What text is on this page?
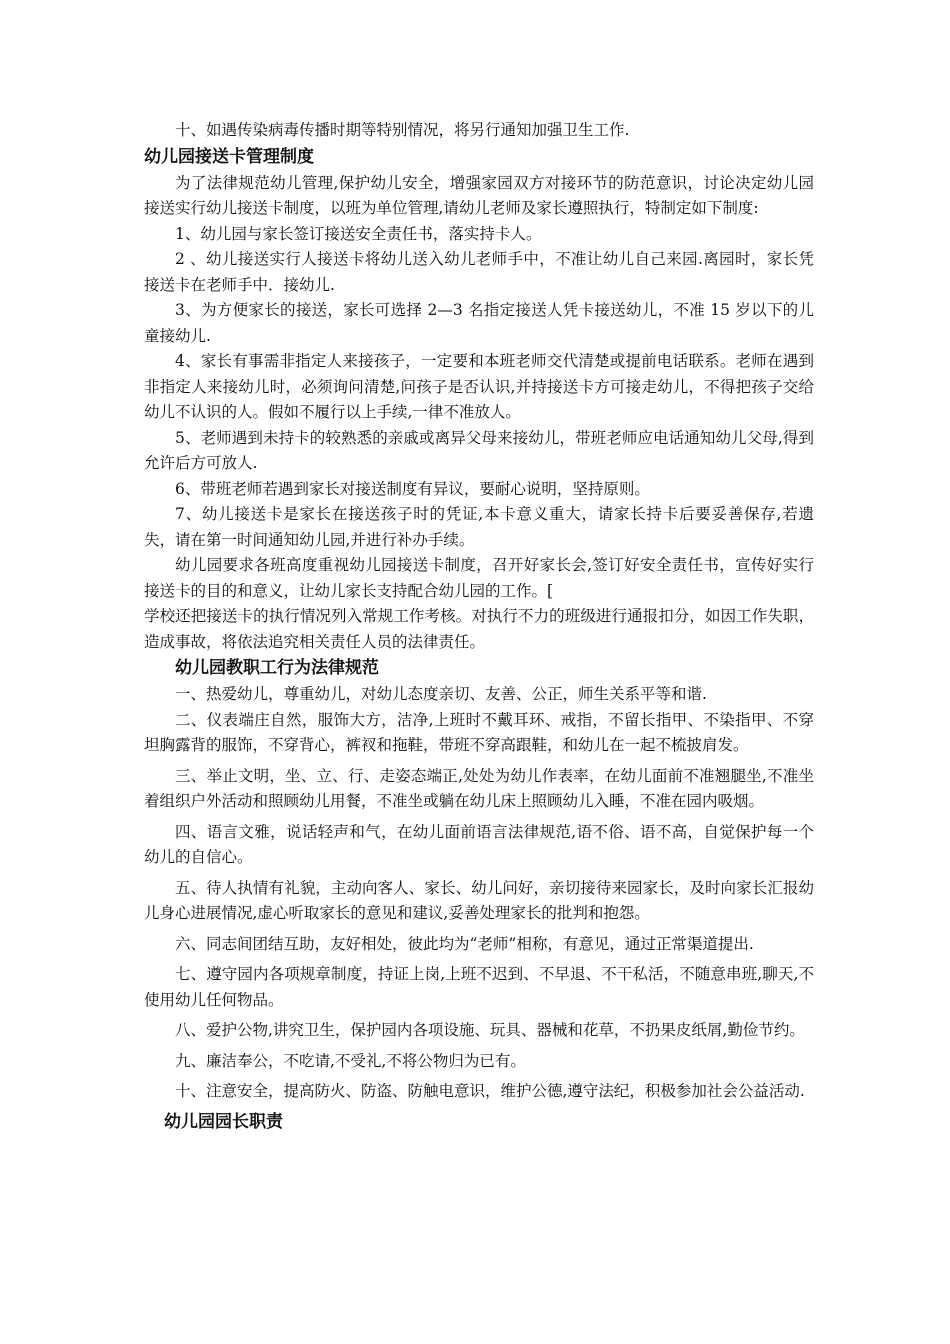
十、如遇传染病毒传播时期等特别情况，将另行通知加强卫生工作.

幼儿园接送卡管理制度

为了法律规范幼儿管理,保护幼儿安全，增强家园双方对接环节的防范意识，讨论决定幼儿园接送实行幼儿接送卡制度，以班为单位管理,请幼儿老师及家长遵照执行，特制定如下制度:

1、幼儿园与家长签订接送安全责任书，落实持卡人。

2 、幼儿接送实行人接送卡将幼儿送入幼儿老师手中，不准让幼儿自己来园.离园时，家长凭接送卡在老师手中．接幼儿.

3、为方便家长的接送，家长可选择 2—3 名指定接送人凭卡接送幼儿，不准 15 岁以下的儿童接幼儿.

4、家长有事需非指定人来接孩子，一定要和本班老师交代清楚或提前电话联系。老师在遇到非指定人来接幼儿时，必须询问清楚,问孩子是否认识,并持接送卡方可接走幼儿，不得把孩子交给幼儿不认识的人。假如不履行以上手续,一律不准放人。

5、老师遇到未持卡的较熟悉的亲戚或离异父母来接幼儿，带班老师应电话通知幼儿父母,得到允许后方可放人.

6、带班老师若遇到家长对接送制度有异议，要耐心说明，坚持原则。

7、幼儿接送卡是家长在接送孩子时的凭证,本卡意义重大，请家长持卡后要妥善保存,若遗失，请在第一时间通知幼儿园,并进行补办手续。

幼儿园要求各班高度重视幼儿园接送卡制度，召开好家长会,签订好安全责任书，宣传好实行接送卡的目的和意义，让幼儿家长支持配合幼儿园的工作。[

学校还把接送卡的执行情况列入常规工作考核。对执行不力的班级进行通报扣分，如因工作失职，造成事故，将依法追究相关责任人员的法律责任。

幼儿园教职工行为法律规范

一、热爱幼儿，尊重幼儿，对幼儿态度亲切、友善、公正，师生关系平等和谐.

二、仪表端庄自然，服饰大方，洁净,上班时不戴耳环、戒指，不留长指甲、不染指甲、不穿坦胸露背的服饰，不穿背心，裤衩和拖鞋，带班不穿高跟鞋，和幼儿在一起不梳披肩发。

三、举止文明，坐、立、行、走姿态端正,处处为幼儿作表率，在幼儿面前不准翘腿坐,不准坐着组织户外活动和照顾幼儿用餐，不准坐或躺在幼儿床上照顾幼儿入睡，不准在园内吸烟。

四、语言文雅，说话轻声和气，在幼儿面前语言法律规范,语不俗、语不高，自觉保护每一个幼儿的自信心。

五、待人执情有礼貌，主动向客人、家长、幼儿问好，亲切接待来园家长，及时向家长汇报幼儿身心进展情况,虚心听取家长的意见和建议,妥善处理家长的批判和抱怨。

六、同志间团结互助，友好相处，彼此均为“老师”相称，有意见，通过正常渠道提出.

七、遵守园内各项规章制度，持证上岗,上班不迟到、不早退、不干私活，不随意串班,聊天,不使用幼儿任何物品。

八、爱护公物,讲究卫生，保护园内各项设施、玩具、器械和花草，不扔果皮纸屑,勤俭节约。

九、廉洁奉公，不吃请,不受礼,不将公物归为已有。

十、注意安全，提高防火、防盗、防触电意识，维护公德,遵守法纪，积极参加社会公益活动.

幼儿园园长职责
